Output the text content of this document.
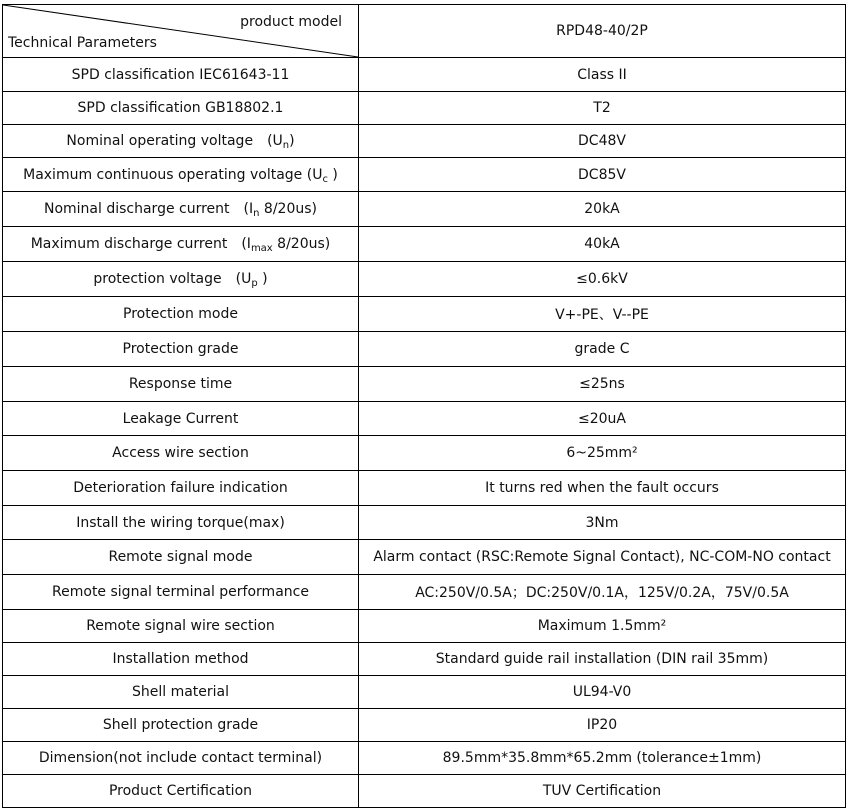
product model
Technical Parameters	RPD48-40/2P
SPD classification IEC61643-11	Class II
SPD classification GB18802.1	T2
Nominal operating voltage $(U_n)$	DC48V
Maximum continuous operating voltage ($U_c$ )	DC85V
Nominal discharge current ($I_n$ 8/20us)	20kA
Maximum discharge current ($I_{max}$ 8/20us)	40kA
protection voltage ($U_p$ )	≤0.6kV
Protection mode	V+-PE、V--PE
Protection grade	grade C
Response time	≤25ns
Leakage Current	≤20uA
Access wire section	6~25mm²
Deterioration failure indication	It turns red when the fault occurs
Install the wiring torque(max)	3Nm
Remote signal mode	Alarm contact (RSC:Remote Signal Contact), NC-COM-NO contact
Remote signal terminal performance	AC:250V/0.5A；DC:250V/0.1A，125V/0.2A，75V/0.5A
Remote signal wire section	Maximum 1.5mm²
Installation method	Standard guide rail installation (DIN rail 35mm)
Shell material	UL94-V0
Shell protection grade	IP20
Dimension(not include contact terminal)	89.5mm*35.8mm*65.2mm (tolerance±1mm)
Product Certification	TUV Certification
